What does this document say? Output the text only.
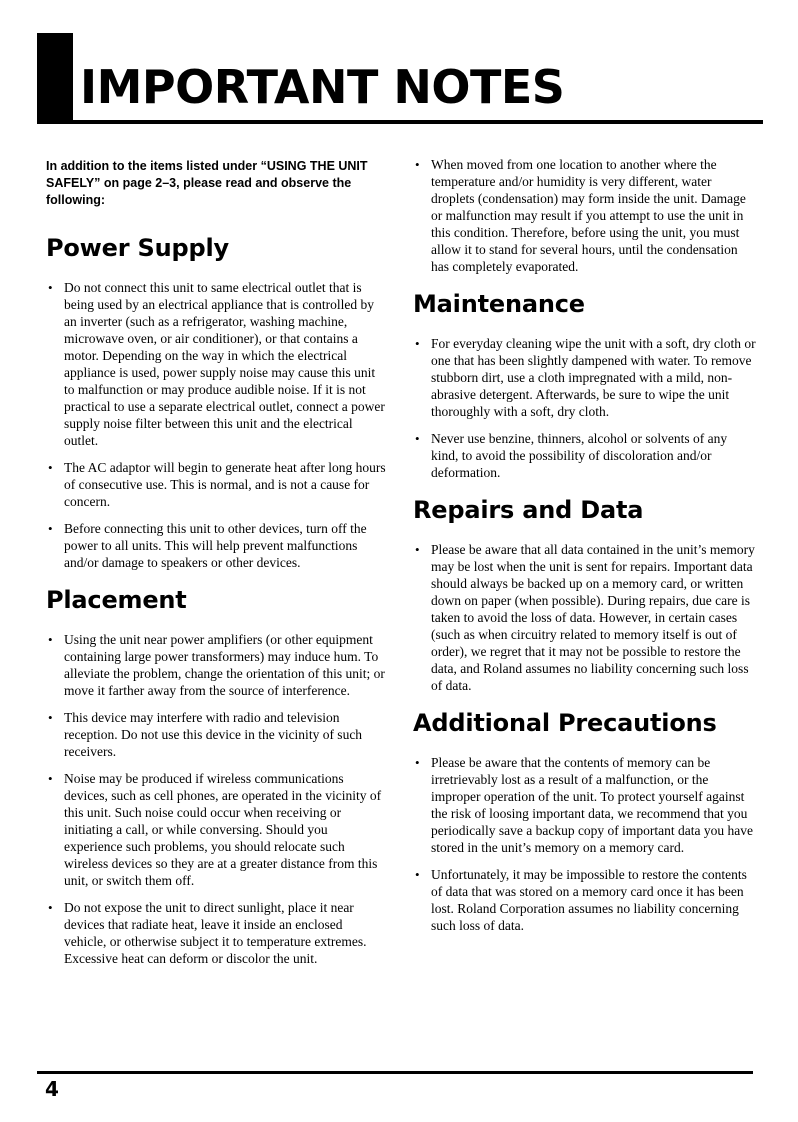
IMPORTANT NOTES

In addition to the items listed under “USING THE UNIT SAFELY” on page 2–3, please read and observe the following:

Power Supply
• Do not connect this unit to same electrical outlet that is being used by an electrical appliance that is controlled by an inverter (such as a refrigerator, washing machine, microwave oven, or air conditioner), or that contains a motor. Depending on the way in which the electrical appliance is used, power supply noise may cause this unit to malfunction or may produce audible noise. If it is not practical to use a separate electrical outlet, connect a power supply noise filter between this unit and the electrical outlet.
• The AC adaptor will begin to generate heat after long hours of consecutive use. This is normal, and is not a cause for concern.
• Before connecting this unit to other devices, turn off the power to all units. This will help prevent malfunctions and/or damage to speakers or other devices.
Placement
• Using the unit near power amplifiers (or other equipment containing large power transformers) may induce hum. To alleviate the problem, change the orientation of this unit; or move it farther away from the source of interference.
• This device may interfere with radio and television reception. Do not use this device in the vicinity of such receivers.
• Noise may be produced if wireless communications devices, such as cell phones, are operated in the vicinity of this unit. Such noise could occur when receiving or initiating a call, or while conversing. Should you experience such problems, you should relocate such wireless devices so they are at a greater distance from this unit, or switch them off.
• Do not expose the unit to direct sunlight, place it near devices that radiate heat, leave it inside an enclosed vehicle, or otherwise subject it to temperature extremes. Excessive heat can deform or discolor the unit.
• When moved from one location to another where the temperature and/or humidity is very different, water droplets (condensation) may form inside the unit. Damage or malfunction may result if you attempt to use the unit in this condition. Therefore, before using the unit, you must allow it to stand for several hours, until the condensation has completely evaporated.
Maintenance
• For everyday cleaning wipe the unit with a soft, dry cloth or one that has been slightly dampened with water. To remove stubborn dirt, use a cloth impregnated with a mild, non-abrasive detergent. Afterwards, be sure to wipe the unit thoroughly with a soft, dry cloth.
• Never use benzine, thinners, alcohol or solvents of any kind, to avoid the possibility of discoloration and/or deformation.
Repairs and Data
• Please be aware that all data contained in the unit’s memory may be lost when the unit is sent for repairs. Important data should always be backed up on a memory card, or written down on paper (when possible). During repairs, due care is taken to avoid the loss of data. However, in certain cases (such as when circuitry related to memory itself is out of order), we regret that it may not be possible to restore the data, and Roland assumes no liability concerning such loss of data.
Additional Precautions
• Please be aware that the contents of memory can be irretrievably lost as a result of a malfunction, or the improper operation of the unit. To protect yourself against the risk of loosing important data, we recommend that you periodically save a backup copy of important data you have stored in the unit’s memory on a memory card.
• Unfortunately, it may be impossible to restore the contents of data that was stored on a memory card once it has been lost. Roland Corporation assumes no liability concerning such loss of data.
4
